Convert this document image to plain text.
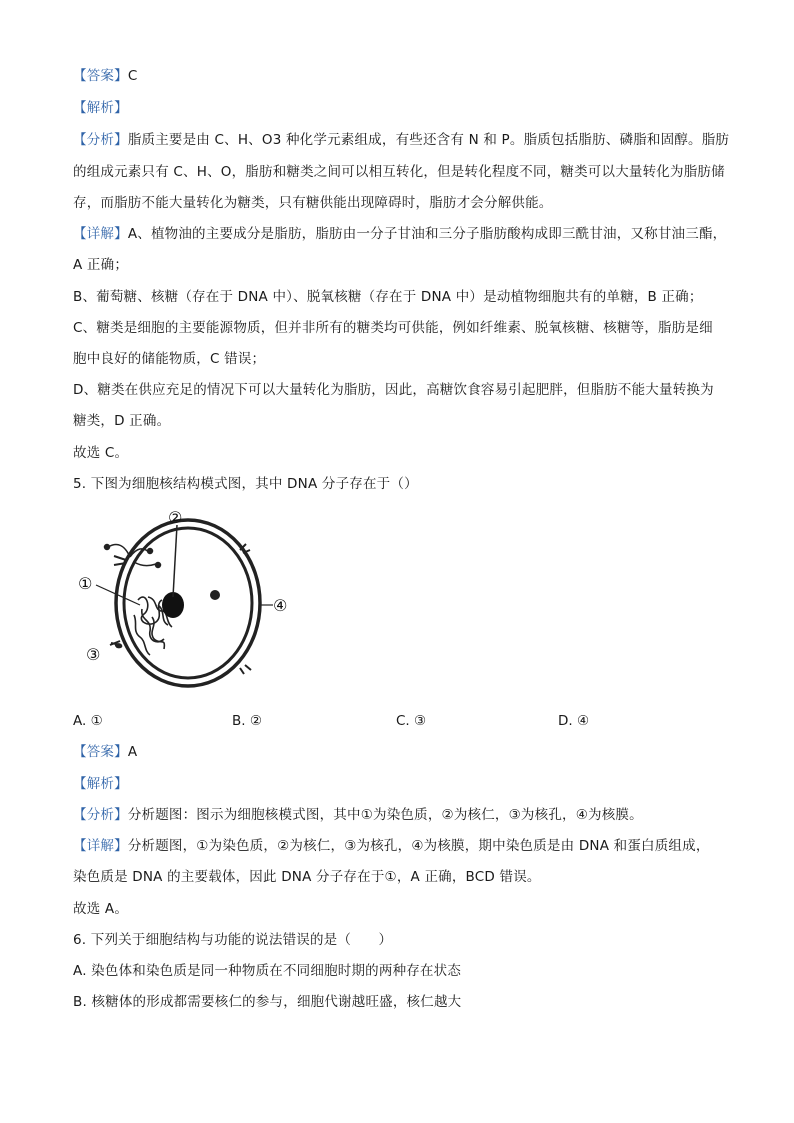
【答案】C
【解析】
【分析】脂质主要是由 C、H、O3 种化学元素组成，有些还含有 N 和 P。脂质包括脂肪、磷脂和固醇。脂肪
的组成元素只有 C、H、O，脂肪和糖类之间可以相互转化，但是转化程度不同，糖类可以大量转化为脂肪储
存，而脂肪不能大量转化为糖类，只有糖供能出现障碍时，脂肪才会分解供能。
【详解】A、植物油的主要成分是脂肪，脂肪由一分子甘油和三分子脂肪酸构成即三酰甘油，又称甘油三酯，
A 正确；
B、葡萄糖、核糖（存在于 DNA 中）、脱氧核糖（存在于 DNA 中）是动植物细胞共有的单糖，B 正确；
C、糖类是细胞的主要能源物质，但并非所有的糖类均可供能，例如纤维素、脱氧核糖、核糖等，脂肪是细
胞中良好的储能物质，C 错误；
D、糖类在供应充足的情况下可以大量转化为脂肪，因此，高糖饮食容易引起肥胖，但脂肪不能大量转换为
糖类，D 正确。
故选 C。
5. 下图为细胞核结构模式图，其中 DNA 分子存在于（）
①
②
③
④
A. ①	B. ②	C. ③	D. ④
【答案】A
【解析】
【分析】分析题图：图示为细胞核模式图，其中①为染色质，②为核仁，③为核孔，④为核膜。
【详解】分析题图，①为染色质，②为核仁，③为核孔，④为核膜，期中染色质是由 DNA 和蛋白质组成，
染色质是 DNA 的主要载体，因此 DNA 分子存在于①，A 正确，BCD 错误。
故选 A。
6. 下列关于细胞结构与功能的说法错误的是（　　）
A. 染色体和染色质是同一种物质在不同细胞时期的两种存在状态
B. 核糖体的形成都需要核仁的参与，细胞代谢越旺盛，核仁越大
